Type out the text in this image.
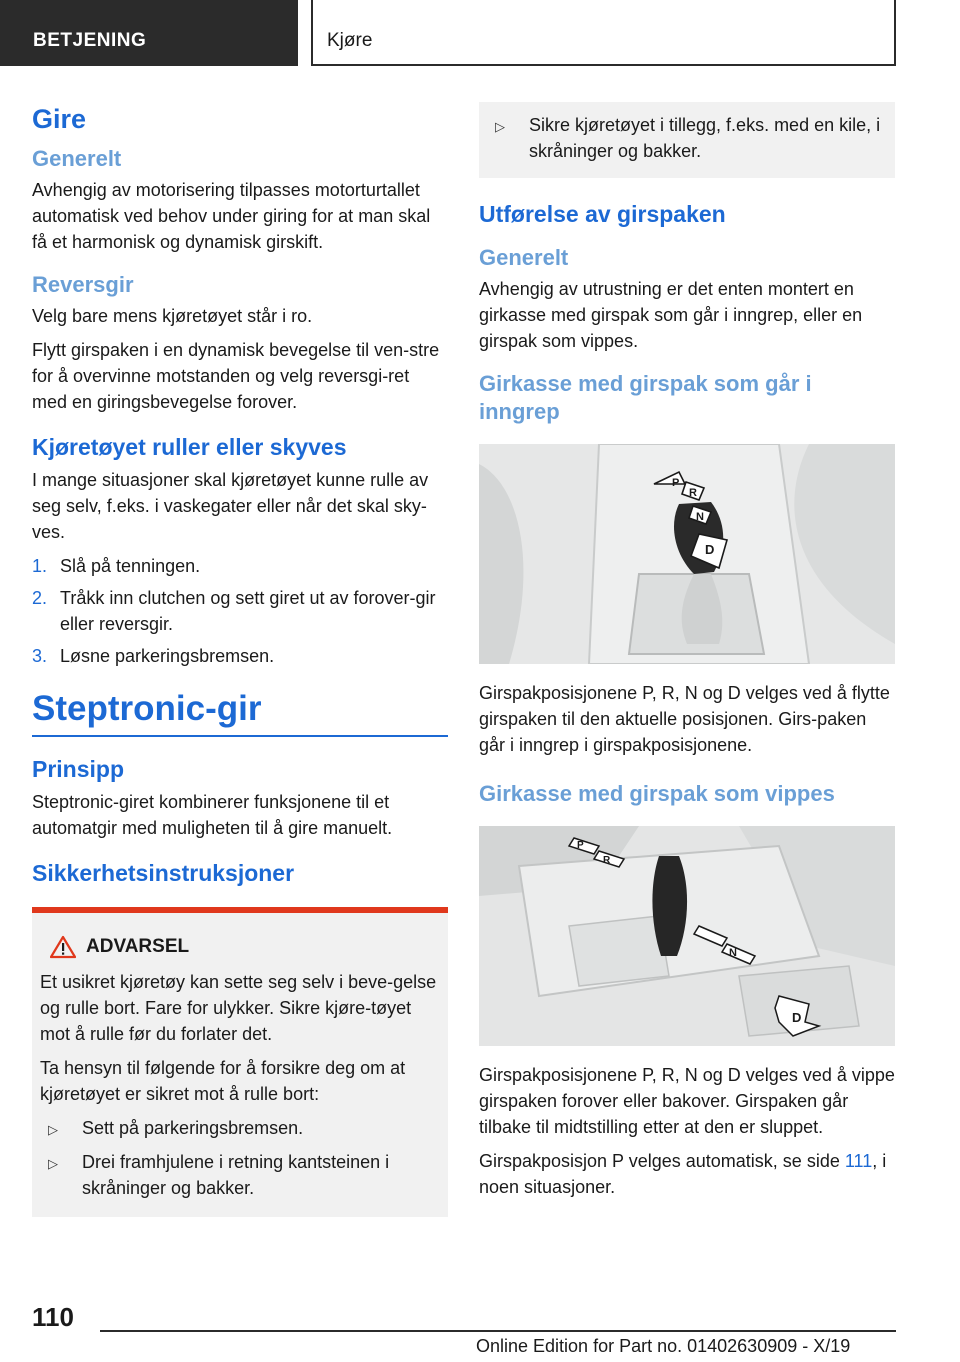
BETJENING	Kjøre
Gire
Generelt

Avhengig av motorisering tilpasses motorturtallet automatisk ved behov under giring for at man skal få et harmonisk og dynamisk girskift.

Reversgir

Velg bare mens kjøretøyet står i ro.

Flytt girspaken i en dynamisk bevegelse til ven-stre for å overvinne motstanden og velg reversgi-ret med en giringsbevegelse forover.

Kjøretøyet ruller eller skyves

I mange situasjoner skal kjøretøyet kunne rulle av seg selv, f.eks. i vaskegater eller når det skal sky-ves.

1. Slå på tenningen.
2. Tråkk inn clutchen og sett giret ut av forover-gir eller reversgir.
3. Løsne parkeringsbremsen.
Steptronic-gir
Prinsipp

Steptronic-giret kombinerer funksjonene til et automatgir med muligheten til å gire manuelt.

Sikkerhetsinstruksjoner
ADVARSEL

Et usikret kjøretøy kan sette seg selv i beve-gelse og rulle bort. Fare for ulykker. Sikre kjøre-tøyet mot å rulle før du forlater det.

Ta hensyn til følgende for å forsikre deg om at kjøretøyet er sikret mot å rulle bort:

▷	Sett på parkeringsbremsen.
▷	Drei framhjulene i retning kantsteinen i skråninger og bakker.
▷	Sikre kjøretøyet i tillegg, f.eks. med en kile, i skråninger og bakker.
Utførelse av girspaken
Generelt

Avhengig av utrustning er det enten montert en girkasse med girspak som går i inngrep, eller en girspak som vippes.

Girkasse med girspak som går i inngrep
P
R
N
D

Girspakposisjonene P, R, N og D velges ved å flytte girspaken til den aktuelle posisjonen. Girs-paken går i inngrep i girspakposisjonene.

Girkasse med girspak som vippes
P
R
N
D

Girspakposisjonene P, R, N og D velges ved å vippe girspaken forover eller bakover. Girspaken går tilbake til midtstilling etter at den er sluppet.

Girspakposisjon P velges automatisk, se side 111, i noen situasjoner.

110
Online Edition for Part no. 01402630909 - X/19
